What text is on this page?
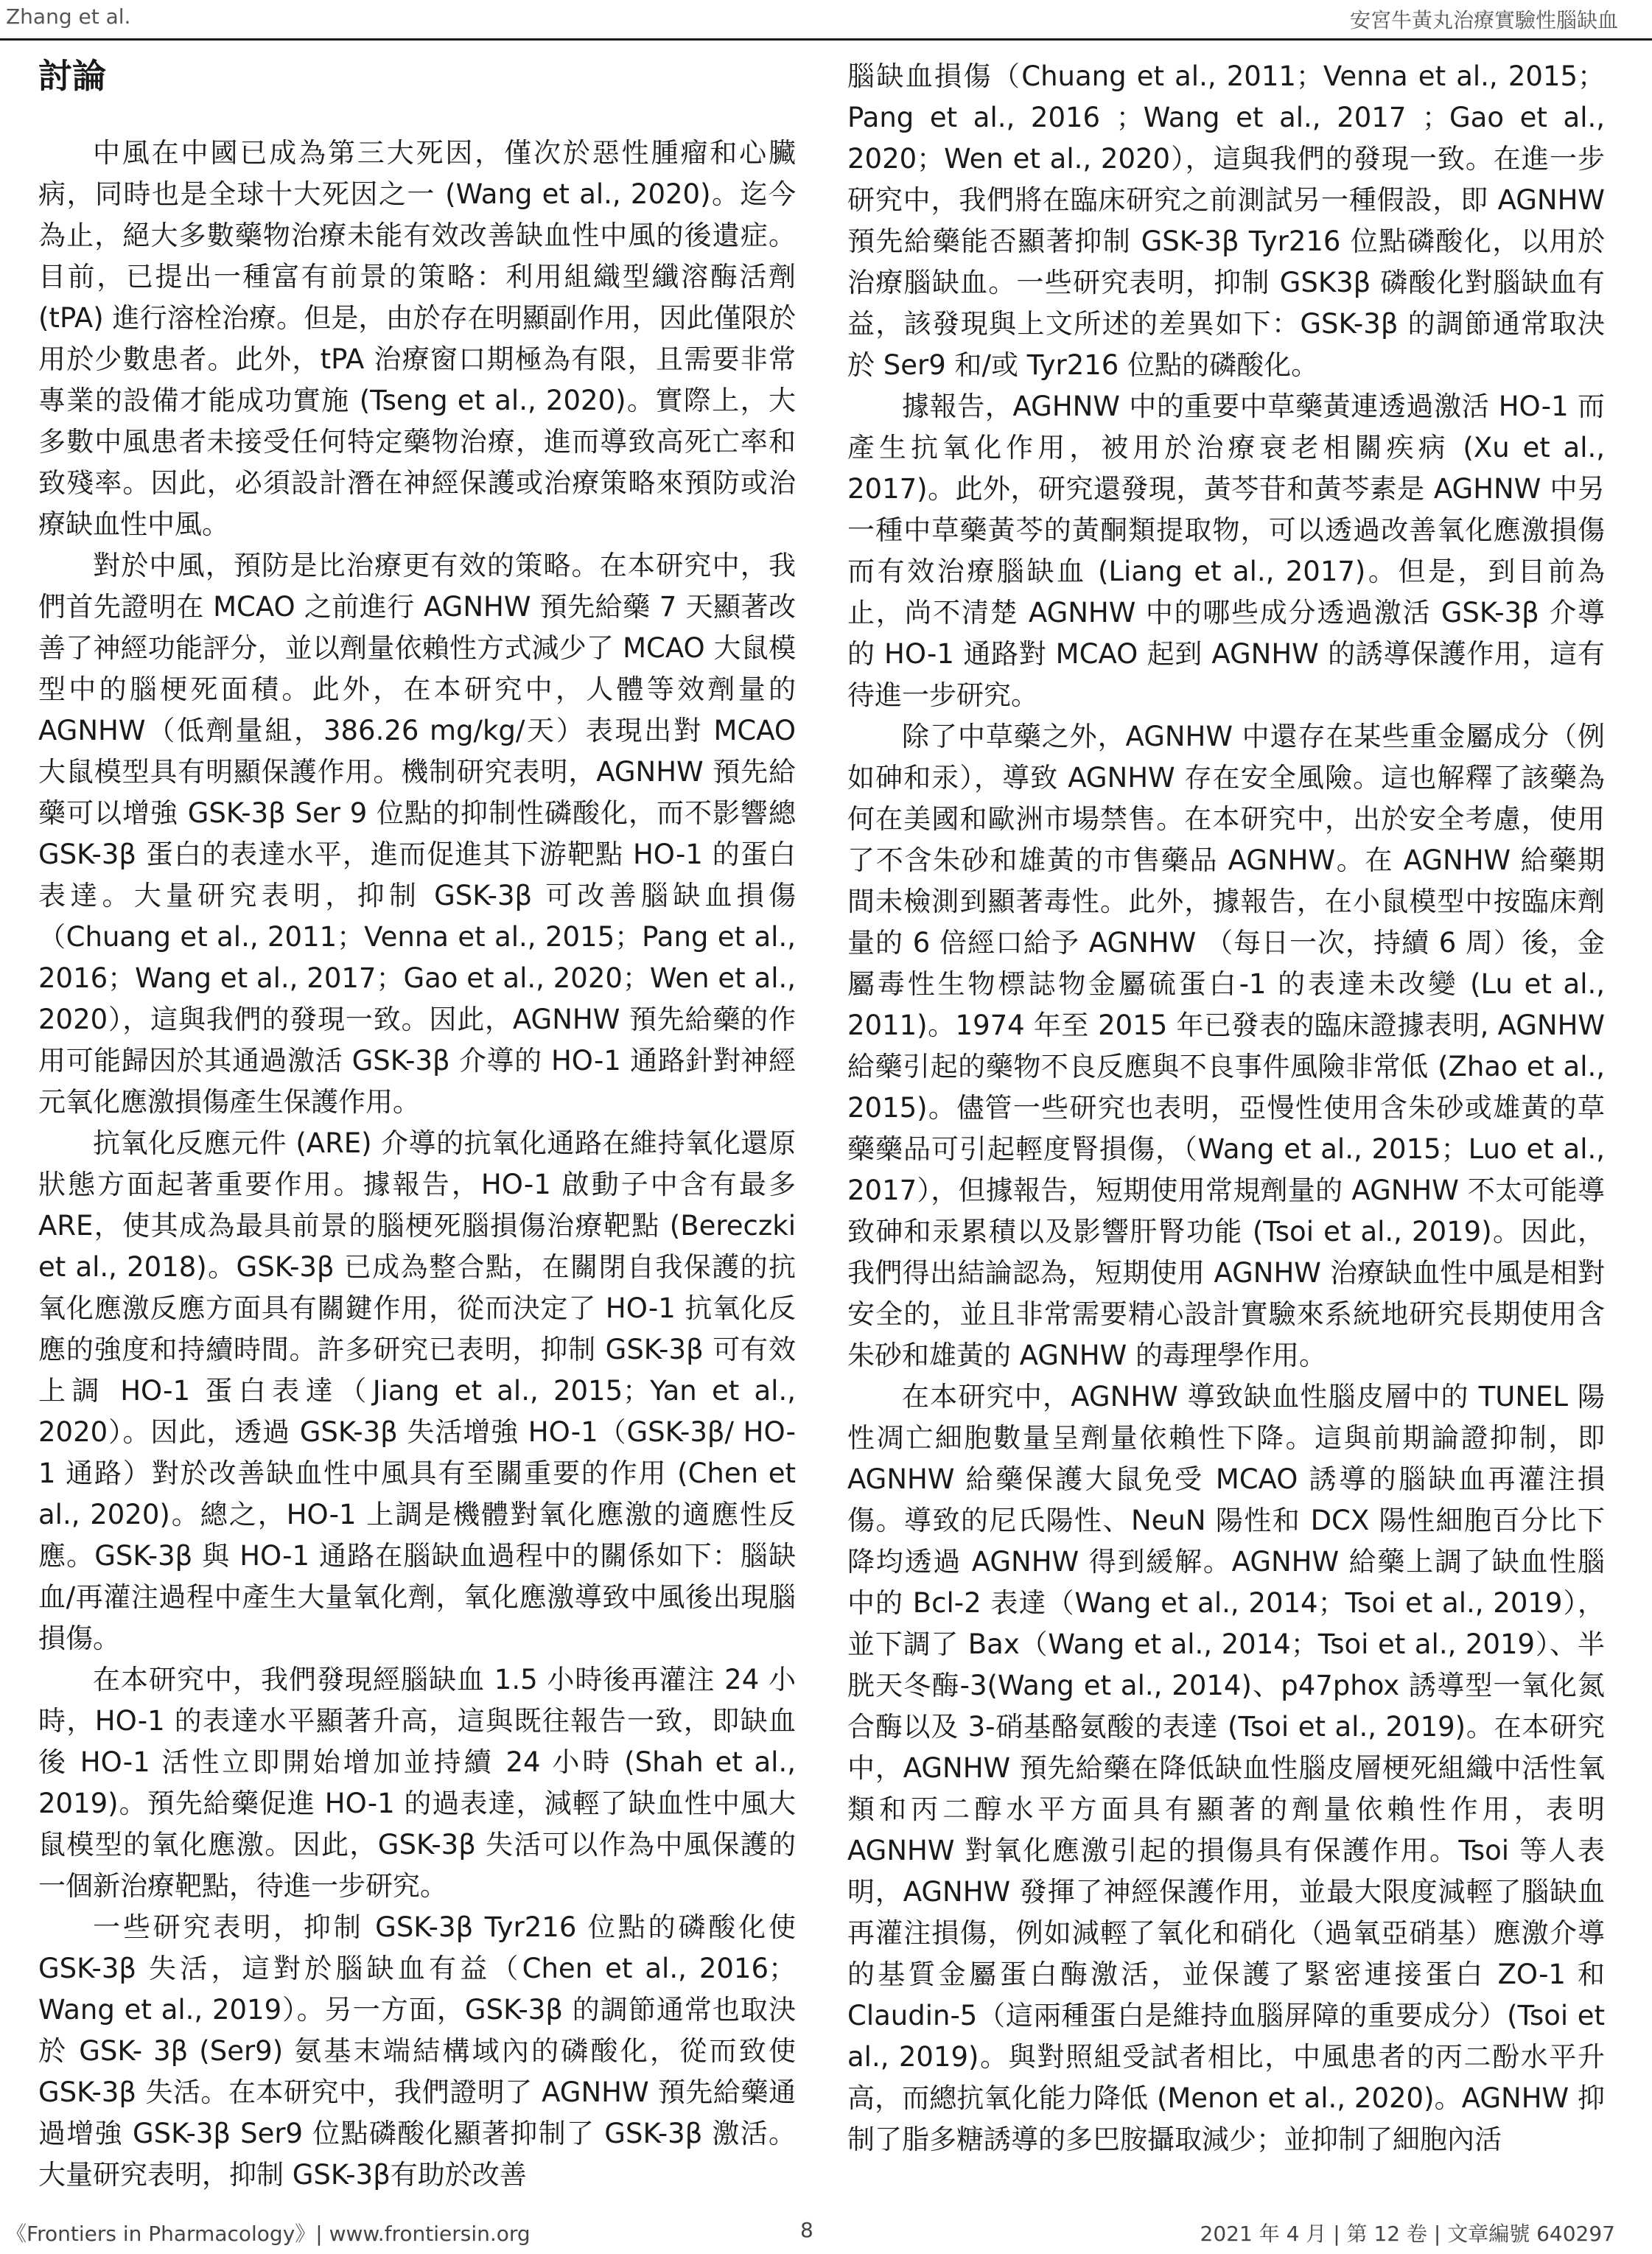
Zhang et al.	安宮牛黃丸治療實驗性腦缺血
討論

中風在中國已成為第三大死因，僅次於惡性腫瘤和心臟病，同時也是全球十大死因之一 (Wang et al., 2020)。迄今為止，絕大多數藥物治療未能有效改善缺血性中風的後遺症。目前，已提出一種富有前景的策略：利用組織型纖溶酶活劑 (tPA) 進行溶栓治療。但是，由於存在明顯副作用，因此僅限於用於少數患者。此外，tPA 治療窗口期極為有限，且需要非常專業的設備才能成功實施 (Tseng et al., 2020)。實際上，大多數中風患者未接受任何特定藥物治療，進而導致高死亡率和致殘率。因此，必須設計潛在神經保護或治療策略來預防或治療缺血性中風。

對於中風，預防是比治療更有效的策略。在本研究中，我們首先證明在 MCAO 之前進行 AGNHW 預先給藥 7 天顯著改善了神經功能評分，並以劑量依賴性方式減少了 MCAO 大鼠模型中的腦梗死面積。此外，在本研究中，人體等效劑量的 AGNHW（低劑量組，386.26 mg/kg/天）表現出對 MCAO 大鼠模型具有明顯保護作用。機制研究表明，AGNHW 預先給藥可以增強 GSK-3β Ser 9 位點的抑制性磷酸化，而不影響總 GSK-3β 蛋白的表達水平，進而促進其下游靶點 HO-1 的蛋白表達。大量研究表明，抑制 GSK-3β 可改善腦缺血損傷（Chuang et al., 2011；Venna et al., 2015；Pang et al., 2016；Wang et al., 2017；Gao et al., 2020；Wen et al., 2020），這與我們的發現一致。因此，AGNHW 預先給藥的作用可能歸因於其通過激活 GSK-3β 介導的 HO-1 通路針對神經元氧化應激損傷產生保護作用。

抗氧化反應元件 (ARE) 介導的抗氧化通路在維持氧化還原狀態方面起著重要作用。據報告，HO-1 啟動子中含有最多 ARE，使其成為最具前景的腦梗死腦損傷治療靶點 (Bereczki et al., 2018)。GSK-3β 已成為整合點，在關閉自我保護的抗氧化應激反應方面具有關鍵作用，從而決定了 HO-1 抗氧化反應的強度和持續時間。許多研究已表明，抑制 GSK-3β 可有效上調 HO-1 蛋白表達（Jiang et al., 2015；Yan et al., 2020）。因此，透過 GSK-3β 失活增強 HO-1（GSK-3β/ HO-1 通路）對於改善缺血性中風具有至關重要的作用 (Chen et al., 2020)。總之，HO-1 上調是機體對氧化應激的適應性反應。GSK-3β 與 HO-1 通路在腦缺血過程中的關係如下：腦缺血/再灌注過程中產生大量氧化劑，氧化應激導致中風後出現腦損傷。

在本研究中，我們發現經腦缺血 1.5 小時後再灌注 24 小時，HO-1 的表達水平顯著升高，這與既往報告一致，即缺血後 HO-1 活性立即開始增加並持續 24 小時 (Shah et al., 2019)。預先給藥促進 HO-1 的過表達，減輕了缺血性中風大鼠模型的氧化應激。因此，GSK-3β 失活可以作為中風保護的一個新治療靶點，待進一步研究。

一些研究表明，抑制 GSK-3β Tyr216 位點的磷酸化使 GSK-3β 失活，這對於腦缺血有益（Chen et al., 2016；Wang et al., 2019）。另一方面，GSK-3β 的調節通常也取決於 GSK- 3β (Ser9) 氨基末端結構域內的磷酸化，從而致使 GSK-3β 失活。在本研究中，我們證明了 AGNHW 預先給藥通過增強 GSK-3β Ser9 位點磷酸化顯著抑制了 GSK-3β 激活。大量研究表明，抑制 GSK-3β有助於改善

腦缺血損傷（Chuang et al., 2011；Venna et al., 2015；Pang et al., 2016 ；Wang et al., 2017 ；Gao et al., 2020；Wen et al., 2020），這與我們的發現一致。在進一步研究中，我們將在臨床研究之前測試另一種假設，即 AGNHW 預先給藥能否顯著抑制 GSK-3β Tyr216 位點磷酸化，以用於治療腦缺血。一些研究表明，抑制 GSK3β 磷酸化對腦缺血有益，該發現與上文所述的差異如下：GSK-3β 的調節通常取決於 Ser9 和/或 Tyr216 位點的磷酸化。

據報告，AGHNW 中的重要中草藥黃連透過激活 HO-1 而產生抗氧化作用，被用於治療衰老相關疾病 (Xu et al., 2017)。此外，研究還發現，黃芩苷和黃芩素是 AGHNW 中另一種中草藥黃芩的黃酮類提取物，可以透過改善氧化應激損傷而有效治療腦缺血 (Liang et al., 2017)。但是，到目前為止，尚不清楚 AGNHW 中的哪些成分透過激活 GSK-3β 介導的 HO-1 通路對 MCAO 起到 AGNHW 的誘導保護作用，這有待進一步研究。

除了中草藥之外，AGNHW 中還存在某些重金屬成分（例如砷和汞），導致 AGNHW 存在安全風險。這也解釋了該藥為何在美國和歐洲市場禁售。在本研究中，出於安全考慮，使用了不含朱砂和雄黃的市售藥品 AGNHW。在 AGNHW 給藥期間未檢測到顯著毒性。此外，據報告，在小鼠模型中按臨床劑量的 6 倍經口給予 AGNHW （每日一次，持續 6 周）後，金屬毒性生物標誌物金屬硫蛋白-1 的表達未改變 (Lu et al., 2011)。1974 年至 2015 年已發表的臨床證據表明, AGNHW 給藥引起的藥物不良反應與不良事件風險非常低 (Zhao et al., 2015)。儘管一些研究也表明，亞慢性使用含朱砂或雄黃的草藥藥品可引起輕度腎損傷，（Wang et al., 2015；Luo et al., 2017），但據報告，短期使用常規劑量的 AGNHW 不太可能導致砷和汞累積以及影響肝腎功能 (Tsoi et al., 2019)。因此，我們得出結論認為，短期使用 AGNHW 治療缺血性中風是相對安全的，並且非常需要精心設計實驗來系統地研究長期使用含朱砂和雄黃的 AGNHW 的毒理學作用。

在本研究中，AGNHW 導致缺血性腦皮層中的 TUNEL 陽性凋亡細胞數量呈劑量依賴性下降。這與前期論證抑制，即 AGNHW 給藥保護大鼠免受 MCAO 誘導的腦缺血再灌注損傷。導致的尼氏陽性、NeuN 陽性和 DCX 陽性細胞百分比下降均透過 AGNHW 得到緩解。AGNHW 給藥上調了缺血性腦中的 Bcl-2 表達（Wang et al., 2014；Tsoi et al., 2019），並下調了 Bax（Wang et al., 2014；Tsoi et al., 2019）、半胱天冬酶-3(Wang et al., 2014)、p47phox 誘導型一氧化氮合酶以及 3-硝基酪氨酸的表達 (Tsoi et al., 2019)。在本研究中，AGNHW 預先給藥在降低缺血性腦皮層梗死組織中活性氧類和丙二醇水平方面具有顯著的劑量依賴性作用，表明 AGNHW 對氧化應激引起的損傷具有保護作用。Tsoi 等人表明，AGNHW 發揮了神經保護作用，並最大限度減輕了腦缺血再灌注損傷，例如減輕了氧化和硝化（過氧亞硝基）應激介導的基質金屬蛋白酶激活，並保護了緊密連接蛋白 ZO-1 和 Claudin-5（這兩種蛋白是維持血腦屏障的重要成分）(Tsoi et al., 2019)。與對照組受試者相比，中風患者的丙二酚水平升高，而總抗氧化能力降低 (Menon et al., 2020)。AGNHW 抑制了脂多糖誘導的多巴胺攝取減少；並抑制了細胞內活

《Frontiers in Pharmacology》| www.frontiersin.org	8	2021 年 4 月 | 第 12 卷 | 文章編號 640297
